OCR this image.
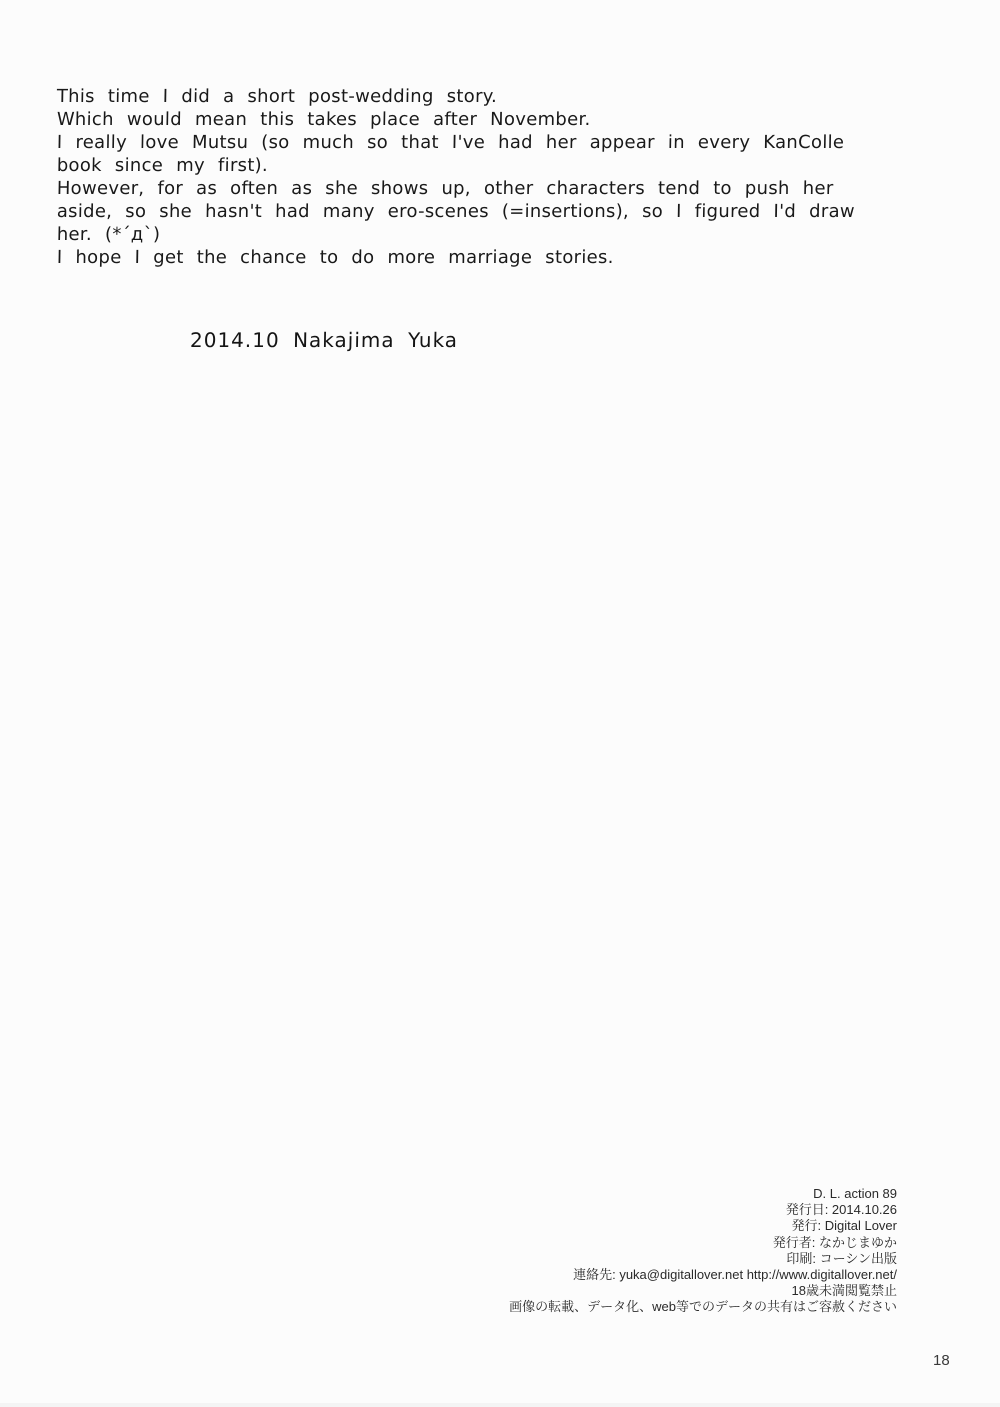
This time I did a short post-wedding story.

Which would mean this takes place after November.

I really love Mutsu (so much so that I've had her appear in every KanColle

book since my first).

However, for as often as she shows up, other characters tend to push her

aside, so she hasn't had many ero-scenes (=insertions), so I figured I'd draw

her. (*´д`)

I hope I get the chance to do more marriage stories.

2014.10 Nakajima Yuka
D. L. action 89
発行日: 2014.10.26
発行: Digital Lover
発行者: なかじまゆか
印刷: コーシン出版
連絡先: yuka@digitallover.net http://www.digitallover.net/
18歳未満閲覧禁止
画像の転載、データ化、web等でのデータの共有はご容赦ください
18
